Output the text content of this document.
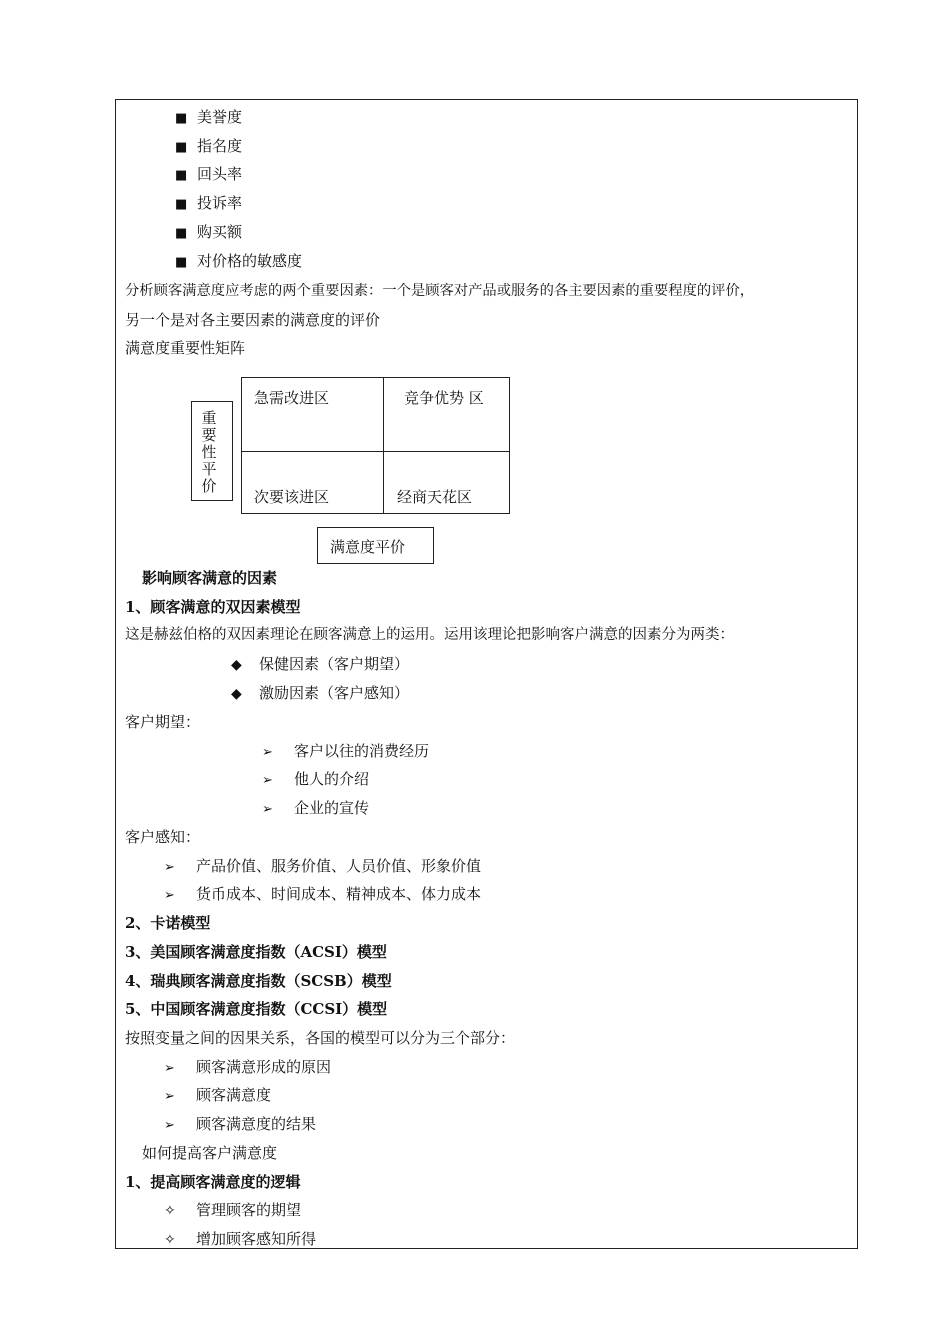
■ 美誉度
■ 指名度
■ 回头率
■ 投诉率
■ 购买额
■ 对价格的敏感度
分析顾客满意度应考虑的两个重要因素：一个是顾客对产品或服务的各主要因素的重要程度的评价，
另一个是对各主要因素的满意度的评价
满意度重要性矩阵
重
要
性
平
价
急需改进区	竞争优势 区
次要该进区	经商天花区
满意度平价
影响顾客满意的因素
1、顾客满意的双因素模型
这是赫兹伯格的双因素理论在顾客满意上的运用。运用该理论把影响客户满意的因素分为两类：
◆ 保健因素（客户期望）
◆ 激励因素（客户感知）
客户期望：
➢ 客户以往的消费经历
➢ 他人的介绍
➢ 企业的宣传
客户感知：
➢ 产品价值、服务价值、人员价值、形象价值
➢ 货币成本、时间成本、精神成本、体力成本
2、卡诺模型
3、美国顾客满意度指数（ACSI）模型
4、瑞典顾客满意度指数（SCSB）模型
5、中国顾客满意度指数（CCSI）模型
按照变量之间的因果关系，各国的模型可以分为三个部分：
➢ 顾客满意形成的原因
➢ 顾客满意度
➢ 顾客满意度的结果
如何提高客户满意度
1、提高顾客满意度的逻辑
✧ 管理顾客的期望
✧ 增加顾客感知所得
